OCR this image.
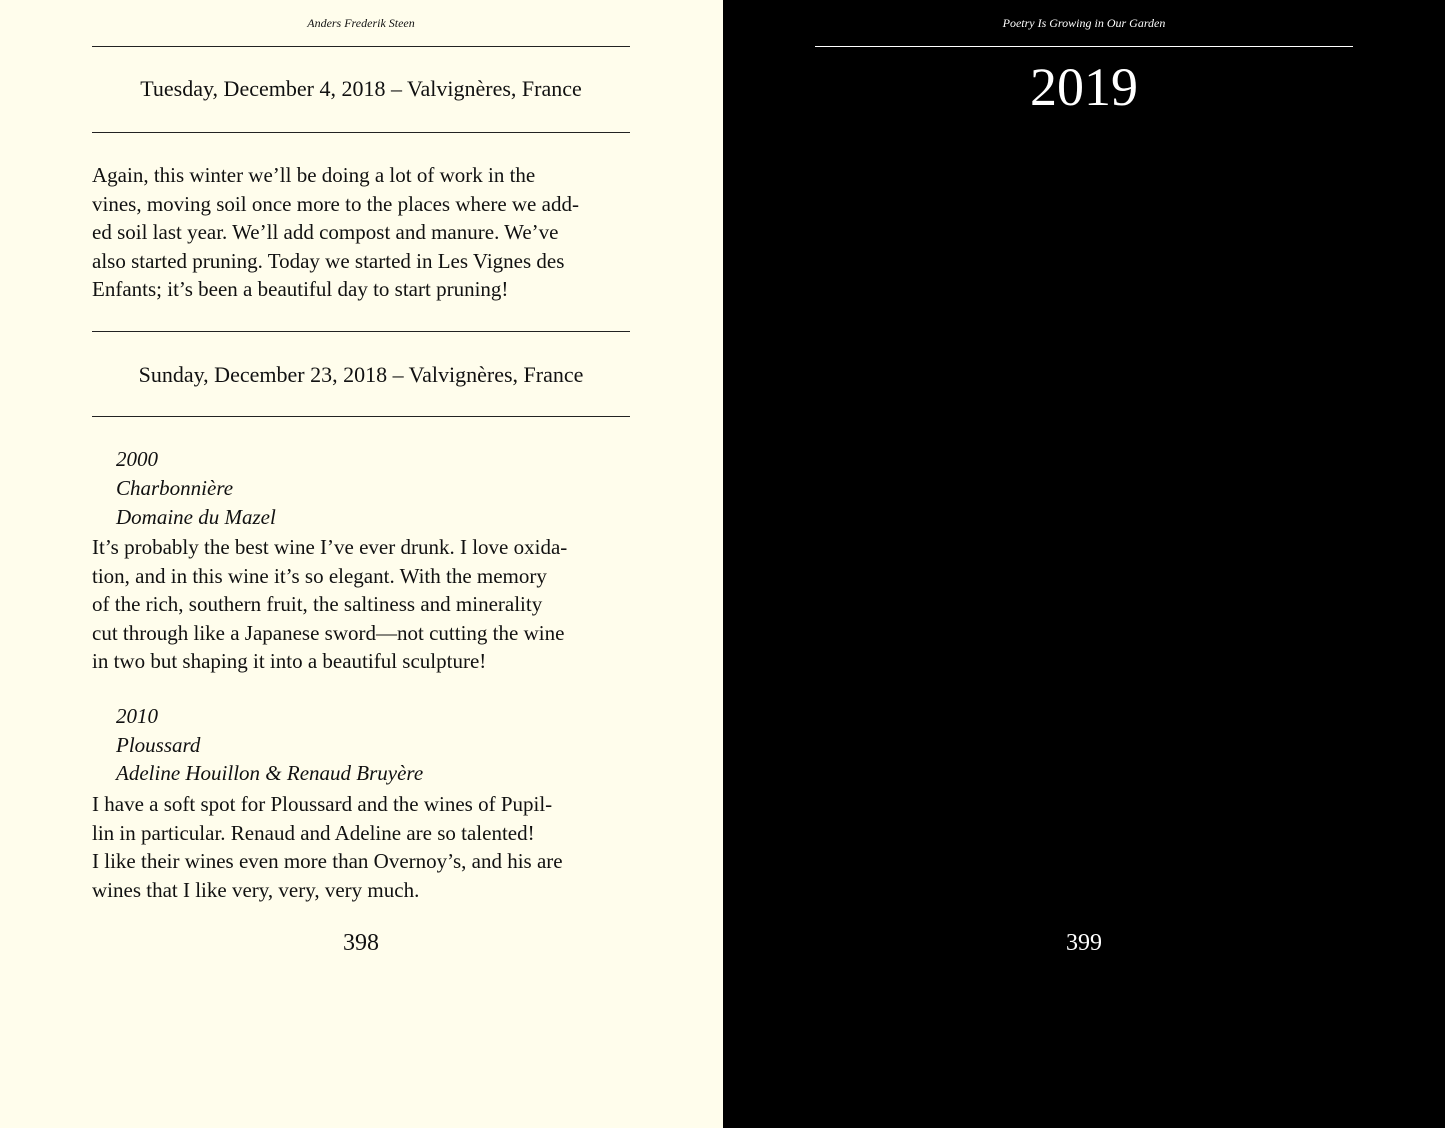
Anders Frederik Steen
Tuesday, December 4, 2018 – Valvignères, France

Again, this winter we’ll be doing a lot of work in the
vines, moving soil once more to the places where we add-
ed soil last year. We’ll add compost and manure. We’ve
also started pruning. Today we started in Les Vignes des
Enfants; it’s been a beautiful day to start pruning!

Sunday, December 23, 2018 – Valvignères, France
2000
Charbonnière
Domaine du Mazel

It’s probably the best wine I’ve ever drunk. I love oxida-
tion, and in this wine it’s so elegant. With the memory
of the rich, southern fruit, the saltiness and minerality
cut through like a Japanese sword—not cutting the wine
in two but shaping it into a beautiful sculpture!

2010
Ploussard
Adeline Houillon & Renaud Bruyère

I have a soft spot for Ploussard and the wines of Pupil-
lin in particular. Renaud and Adeline are so talented!
I like their wines even more than Overnoy’s, and his are
wines that I like very, very, very much.

398
Poetry Is Growing in Our Garden
2019
399
